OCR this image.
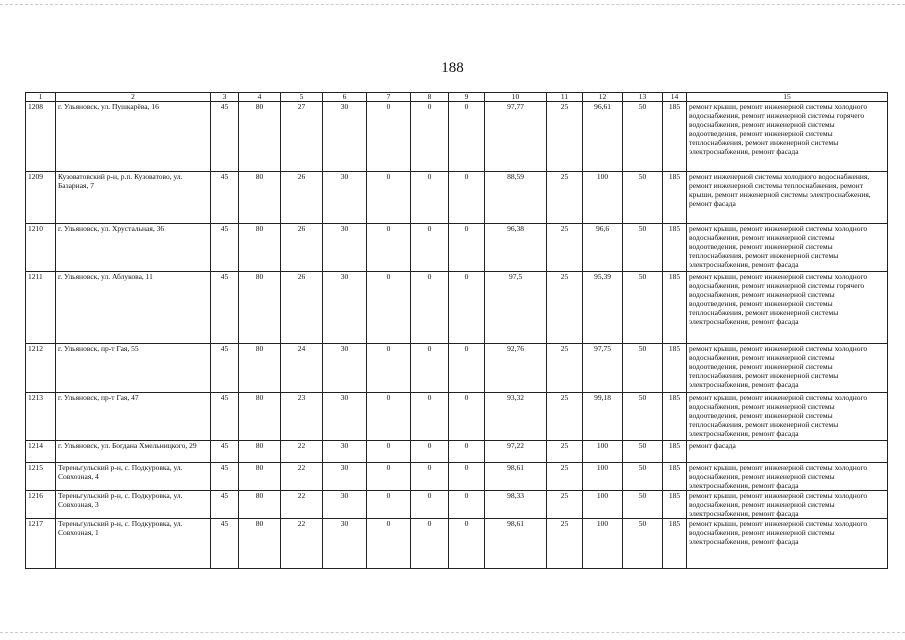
188
1	2	3	4	5	6	7	8	9	10	11	12	13	14	15
1208	г. Ульяновск, ул. Пушкарёва, 16	45	80	27	30	0	0	0	97,77	25	96,61	50	185	ремонт крыши, ремонт инженерной системы холодного водоснабжения, ремонт инженерной системы горячего водоснабжения, ремонт инженерной системы водоотведения, ремонт инженерной системы теплоснабжения, ремонт инженерной системы электроснабжения, ремонт фасада
1209	Кузоватовский р-н, р.п. Кузоватово, ул. Базарная, 7	45	80	26	30	0	0	0	88,59	25	100	50	185	ремонт инженерной системы холодного водоснабжения, ремонт инженерной системы теплоснабжения, ремонт крыши, ремонт инженерной системы электроснабжения, ремонт фасада
1210	г. Ульяновск, ул. Хрустальная, 36	45	80	26	30	0	0	0	96,38	25	96,6	50	185	ремонт крыши, ремонт инженерной системы холодного водоснабжения, ремонт инженерной системы водоотведения, ремонт инженерной системы теплоснабжения, ремонт инженерной системы электроснабжения, ремонт фасада
1211	г. Ульяновск, ул. Аблукова, 11	45	80	26	30	0	0	0	97,5	25	95,39	50	185	ремонт крыши, ремонт инженерной системы холодного водоснабжения, ремонт инженерной системы горячего водоснабжения, ремонт инженерной системы водоотведения, ремонт инженерной системы теплоснабжения, ремонт инженерной системы электроснабжения, ремонт фасада
1212	г. Ульяновск, пр-т Гая, 55	45	80	24	30	0	0	0	92,76	25	97,75	50	185	ремонт крыши, ремонт инженерной системы холодного водоснабжения, ремонт инженерной системы водоотведения, ремонт инженерной системы теплоснабжения, ремонт инженерной системы электроснабжения, ремонт фасада
1213	г. Ульяновск, пр-т Гая, 47	45	80	23	30	0	0	0	93,32	25	99,18	50	185	ремонт крыши, ремонт инженерной системы холодного водоснабжения, ремонт инженерной системы водоотведения, ремонт инженерной системы теплоснабжения, ремонт инженерной системы электроснабжения, ремонт фасада
1214	г. Ульяновск, ул. Богдана Хмельницкого, 29	45	80	22	30	0	0	0	97,22	25	100	50	185	ремонт фасада
1215	Тереньгульский р-н, с. Подкуровка, ул. Совхозная, 4	45	80	22	30	0	0	0	98,61	25	100	50	185	ремонт крыши, ремонт инженерной системы холодного водоснабжения, ремонт инженерной системы электроснабжения, ремонт фасада
1216	Тереньгульский р-н, с. Подкуровка, ул. Совхозная, 3	45	80	22	30	0	0	0	98,33	25	100	50	185	ремонт крыши, ремонт инженерной системы холодного водоснабжения, ремонт инженерной системы электроснабжения, ремонт фасада
1217	Тереньгульский р-н, с. Подкуровка, ул. Совхозная, 1	45	80	22	30	0	0	0	98,61	25	100	50	185	ремонт крыши, ремонт инженерной системы холодного водоснабжения, ремонт инженерной системы электроснабжения, ремонт фасада
